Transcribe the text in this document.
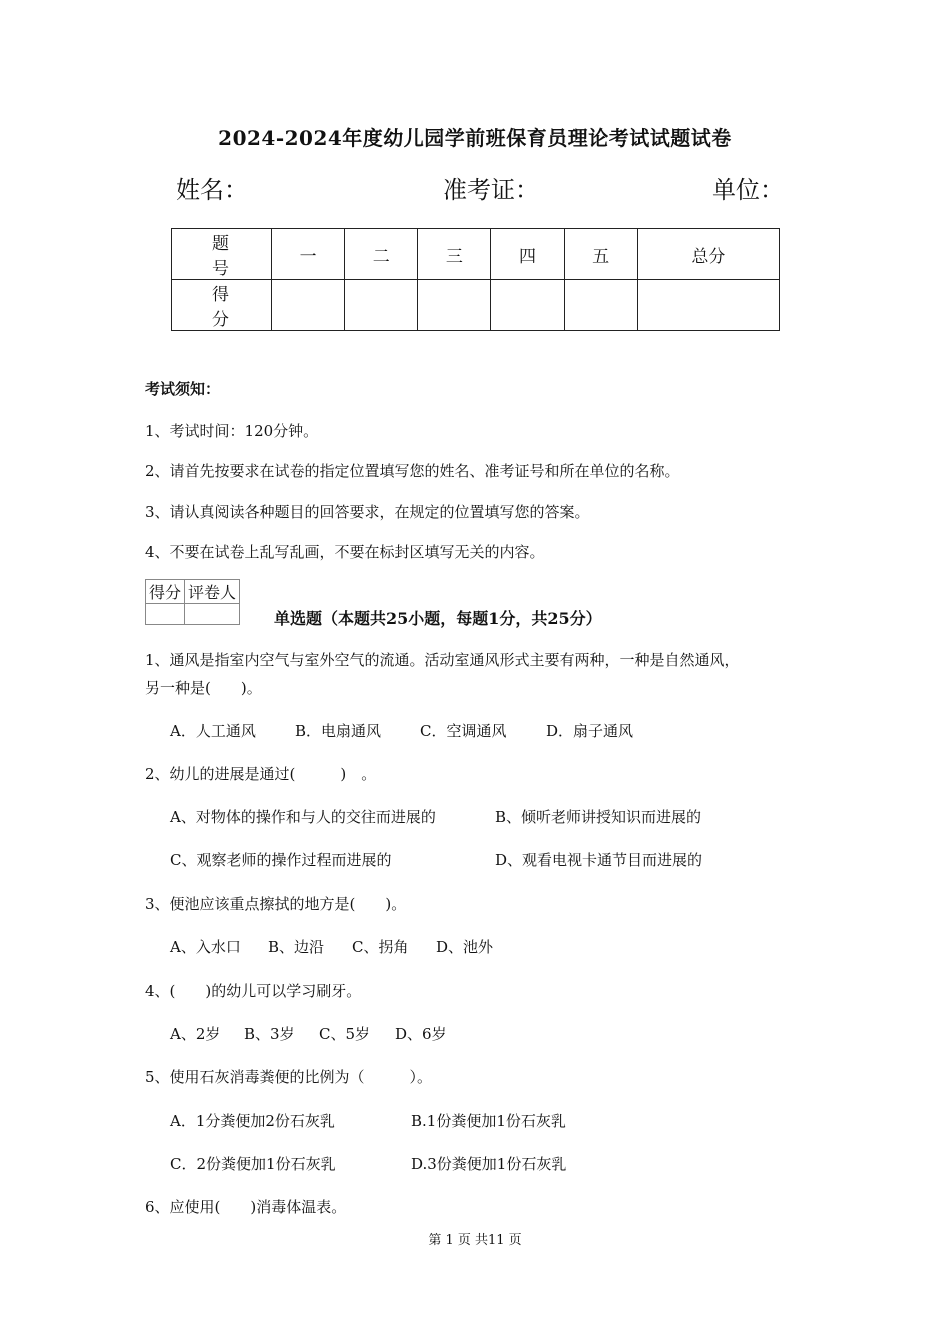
2024-2024年度幼儿园学前班保育员理论考试试题试卷
姓名：	准考证：	单位：
题　号	一	二	三	四	五	总分
得　分						
考试须知：
1、考试时间：120分钟。
2、请首先按要求在试卷的指定位置填写您的姓名、准考证号和所在单位的名称。
3、请认真阅读各种题目的回答要求，在规定的位置填写您的答案。
4、不要在试卷上乱写乱画，不要在标封区填写无关的内容。
得分	评卷人

单选题（本题共25小题，每题1分，共25分）
1、通风是指室内空气与室外空气的流通。活动室通风形式主要有两种，一种是自然通风，
另一种是(　　)。
A．人工通风	B．电扇通风	C．空调通风	D．扇子通风
2、幼儿的进展是通过(　　　)　。
A、对物体的操作和与人的交往而进展的	B、倾听老师讲授知识而进展的
C、观察老师的操作过程而进展的	D、观看电视卡通节目而进展的
3、便池应该重点擦拭的地方是(　　)。
A、入水口 B、边沿 C、拐角 D、池外
4、(　　)的幼儿可以学习刷牙。
A、2岁 B、3岁 C、5岁 D、6岁
5、使用石灰消毒粪便的比例为（　　　）。
A．1分粪便加2份石灰乳	B.1份粪便加1份石灰乳
C．2份粪便加1份石灰乳	D.3份粪便加1份石灰乳
6、应使用(　　)消毒体温表。
第 1 页 共11 页
